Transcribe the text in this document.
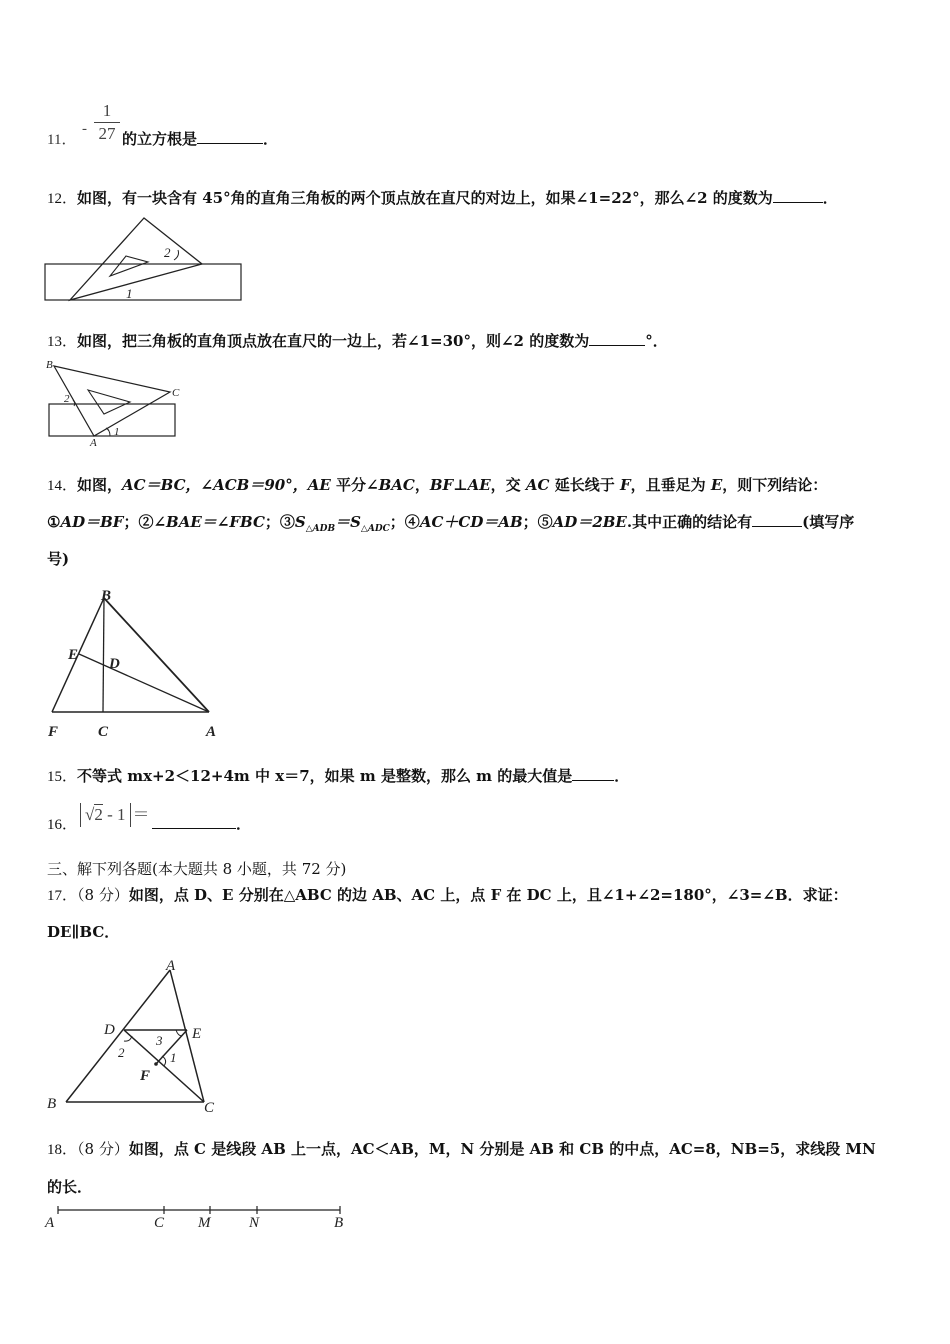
11．
-
1
27 的立方根是	．
12．如图，有一块含有 45°角的直角三角板的两个顶点放在直尺的对边上，如果∠1=22°，那么∠2 的度数为	．
2
1
13．如图，把三角板的直角顶点放在直尺的一边上，若∠1=30°，则∠2 的度数为	°．
B
C
A
2
1
14．如图，AC＝BC，∠ACB＝90°，AE 平分∠BAC，BF⊥AE，交 AC 延长线于 F，且垂足为 E，则下列结论：
①AD＝BF；②∠BAE＝∠FBC；$③S_{\triangle ADB}=S_{\triangle ADC}$；④AC＋CD＝AB；⑤AD＝2BE.其中正确的结论有	(填写序
号)
B
E
D
F	C	A
15．不等式 mx+2＜12+4m 中 x＝7，如果 m 是整数，那么 m 的最大值是	．
16．
√2 - 1 ＝	．
三、解下列各题(本大题共 8 小题，共 72 分)
17．（8 分）如图，点 D、E 分别在△ABC 的边 AB、AC 上，点 F 在 DC 上，且∠1+∠2=180°，∠3=∠B．求证：
DE∥BC．
A
D	E
B	C
F
2
3
1
18．（8 分）如图，点 C 是线段 AB 上一点，AC＜AB，M，N 分别是 AB 和 CB 的中点，AC=8，NB=5，求线段 MN
的长．
A	C M	N	B
